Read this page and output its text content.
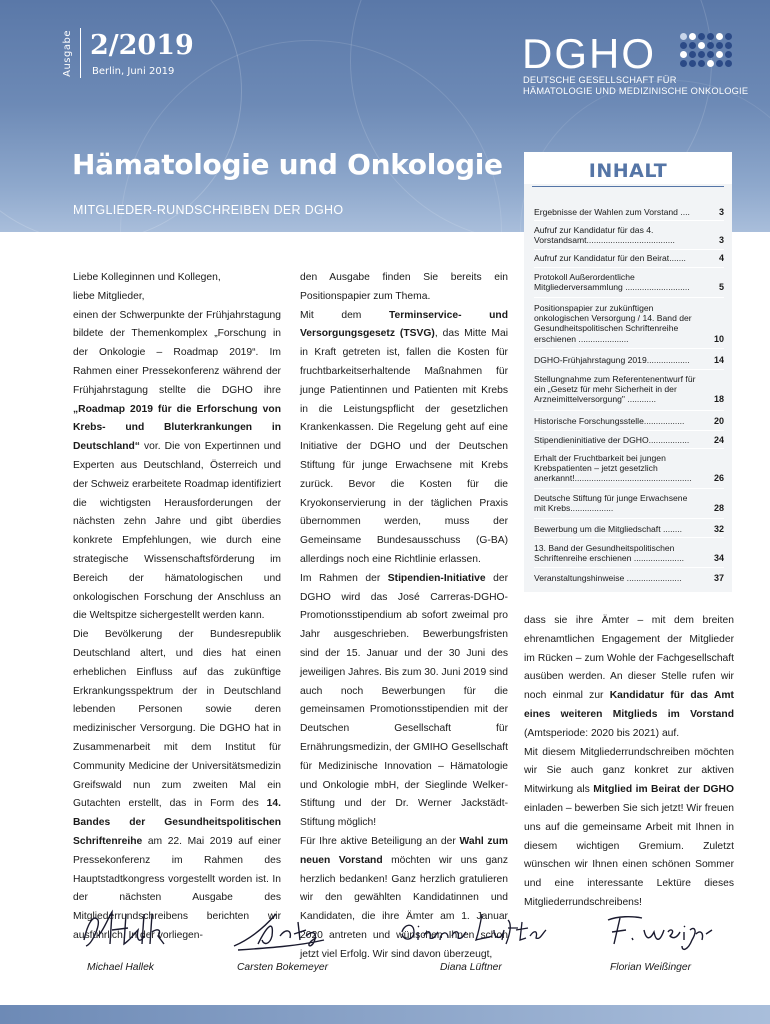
Ausgabe 2/2019
Berlin, Juni 2019	DGHO
DEUTSCHE GESELLSCHAFT FÜR
HÄMATOLOGIE UND MEDIZINISCHE ONKOLOGIE
Hämatologie und Onkologie
MITGLIEDER-RUNDSCHREIBEN DER DGHO
INHALT
Ergebnisse der Wahlen zum Vorstand ....	3
Aufruf zur Kandidatur für das 4. Vorstandsamt.....................................	3
Aufruf zur Kandidatur für den Beirat.......	4
Protokoll Außerordentliche Mitgliederversammlung ...........................	5
Positionspapier zur zukünftigen onkologischen Versorgung / 14. Band der Gesundheitspolitischen Schriftenreihe erschienen .....................	10
DGHO-Frühjahrstagung 2019..................	14
Stellungnahme zum Referentenentwurf für ein „Gesetz für mehr Sicherheit in der Arzneimittelversorgung" ............	18
Historische Forschungsstelle.................	20
Stipendieninitiative der DGHO.................	24
Erhalt der Fruchtbarkeit bei jungen Krebspatienten – jetzt gesetzlich anerkannt!.................................................	26
Deutsche Stiftung für junge Erwachsene mit Krebs..................	28
Bewerbung um die Mitgliedschaft ........	32
13. Band der Gesundheitspolitischen Schriftenreihe erschienen .....................	34
Veranstaltungshinweise .......................	37

Liebe Kolleginnen und Kollegen,

liebe Mitglieder,

einen der Schwerpunkte der Frühjahrstagung bildete der Themenkomplex „Forschung in der Onkologie – Roadmap 2019“. Im Rahmen einer Pressekonferenz während der Frühjahrstagung stellte die DGHO ihre „Roadmap 2019 für die Erforschung von Krebs- und Bluterkrankungen in Deutschland“ vor. Die von Expertinnen und Experten aus Deutschland, Österreich und der Schweiz erarbeitete Roadmap identifiziert die wichtigsten Herausforderungen der nächsten zehn Jahre und gibt überdies konkrete Empfehlungen, wie durch eine strategische Wissenschaftsförderung im Bereich der hämatologischen und onkologischen Forschung der Anschluss an die Weltspitze sichergestellt werden kann.

Die Bevölkerung der Bundesrepublik Deutschland altert, und dies hat einen erheblichen Einfluss auf das zukünftige Erkrankungsspektrum der in Deutschland lebenden Personen sowie deren medizinischer Versorgung. Die DGHO hat in Zusammenarbeit mit dem Institut für Community Medicine der Universitätsmedizin Greifswald nun zum zweiten Mal ein Gutachten erstellt, das in Form des 14. Bandes der Gesundheitspolitischen Schriftenreihe am 22. Mai 2019 auf einer Pressekonferenz im Rahmen des Hauptstadtkongress vorgestellt worden ist. In der nächsten Ausgabe des Mitgliederrundschreibens berichten wir ausführlich. In der vorliegen-

den Ausgabe finden Sie bereits ein Positionspapier zum Thema.

Mit dem Terminservice- und Versorgungsgesetz (TSVG), das Mitte Mai in Kraft getreten ist, fallen die Kosten für fruchtbarkeitserhaltende Maßnahmen für junge Patientinnen und Patienten mit Krebs in die Leistungspflicht der gesetzlichen Krankenkassen. Die Regelung geht auf eine Initiative der DGHO und der Deutschen Stiftung für junge Erwachsene mit Krebs zurück. Bevor die Kosten für die Kryokonservierung in der täglichen Praxis übernommen werden, muss der Gemeinsame Bundesausschuss (G-BA) allerdings noch eine Richtlinie erlassen.

Im Rahmen der Stipendien-Initiative der DGHO wird das José Carreras-DGHO-Promotionsstipendium ab sofort zweimal pro Jahr ausgeschrieben. Bewerbungsfristen sind der 15. Januar und der 30 Juni des jeweiligen Jahres. Bis zum 30. Juni 2019 sind auch noch Bewerbungen für die gemeinsamen Promotionsstipendien mit der Deutschen Gesellschaft für Ernährungsmedizin, der GMIHO Gesellschaft für Medizinische Innovation – Hämatologie und Onkologie mbH, der Sieglinde Welker-Stiftung und der Dr. Werner Jackstädt-Stiftung möglich!

Für Ihre aktive Beteiligung an der Wahl zum neuen Vorstand möchten wir uns ganz herzlich bedanken! Ganz herzlich gratulieren wir den gewählten Kandidatinnen und Kandidaten, die ihre Ämter am 1. Januar 2020 antreten und wünschen Ihnen schon jetzt viel Erfolg. Wir sind davon überzeugt,

dass sie ihre Ämter – mit dem breiten ehrenamtlichen Engagement der Mitglieder im Rücken – zum Wohle der Fachgesellschaft ausüben werden. An dieser Stelle rufen wir noch einmal zur Kandidatur für das Amt eines weiteren Mitglieds im Vorstand (Amtsperiode: 2020 bis 2021) auf.

Mit diesem Mitgliederrundschreiben möchten wir Sie auch ganz konkret zur aktiven Mitwirkung als Mitglied im Beirat der DGHO einladen – bewerben Sie sich jetzt! Wir freuen uns auf die gemeinsame Arbeit mit Ihnen in diesem wichtigen Gremium. Zuletzt wünschen wir Ihnen einen schönen Sommer und eine interessante Lektüre dieses Mitgliederrundschreibens!

Michael Hallek	Carsten Bokemeyer	Diana Lüftner	Florian Weißinger
